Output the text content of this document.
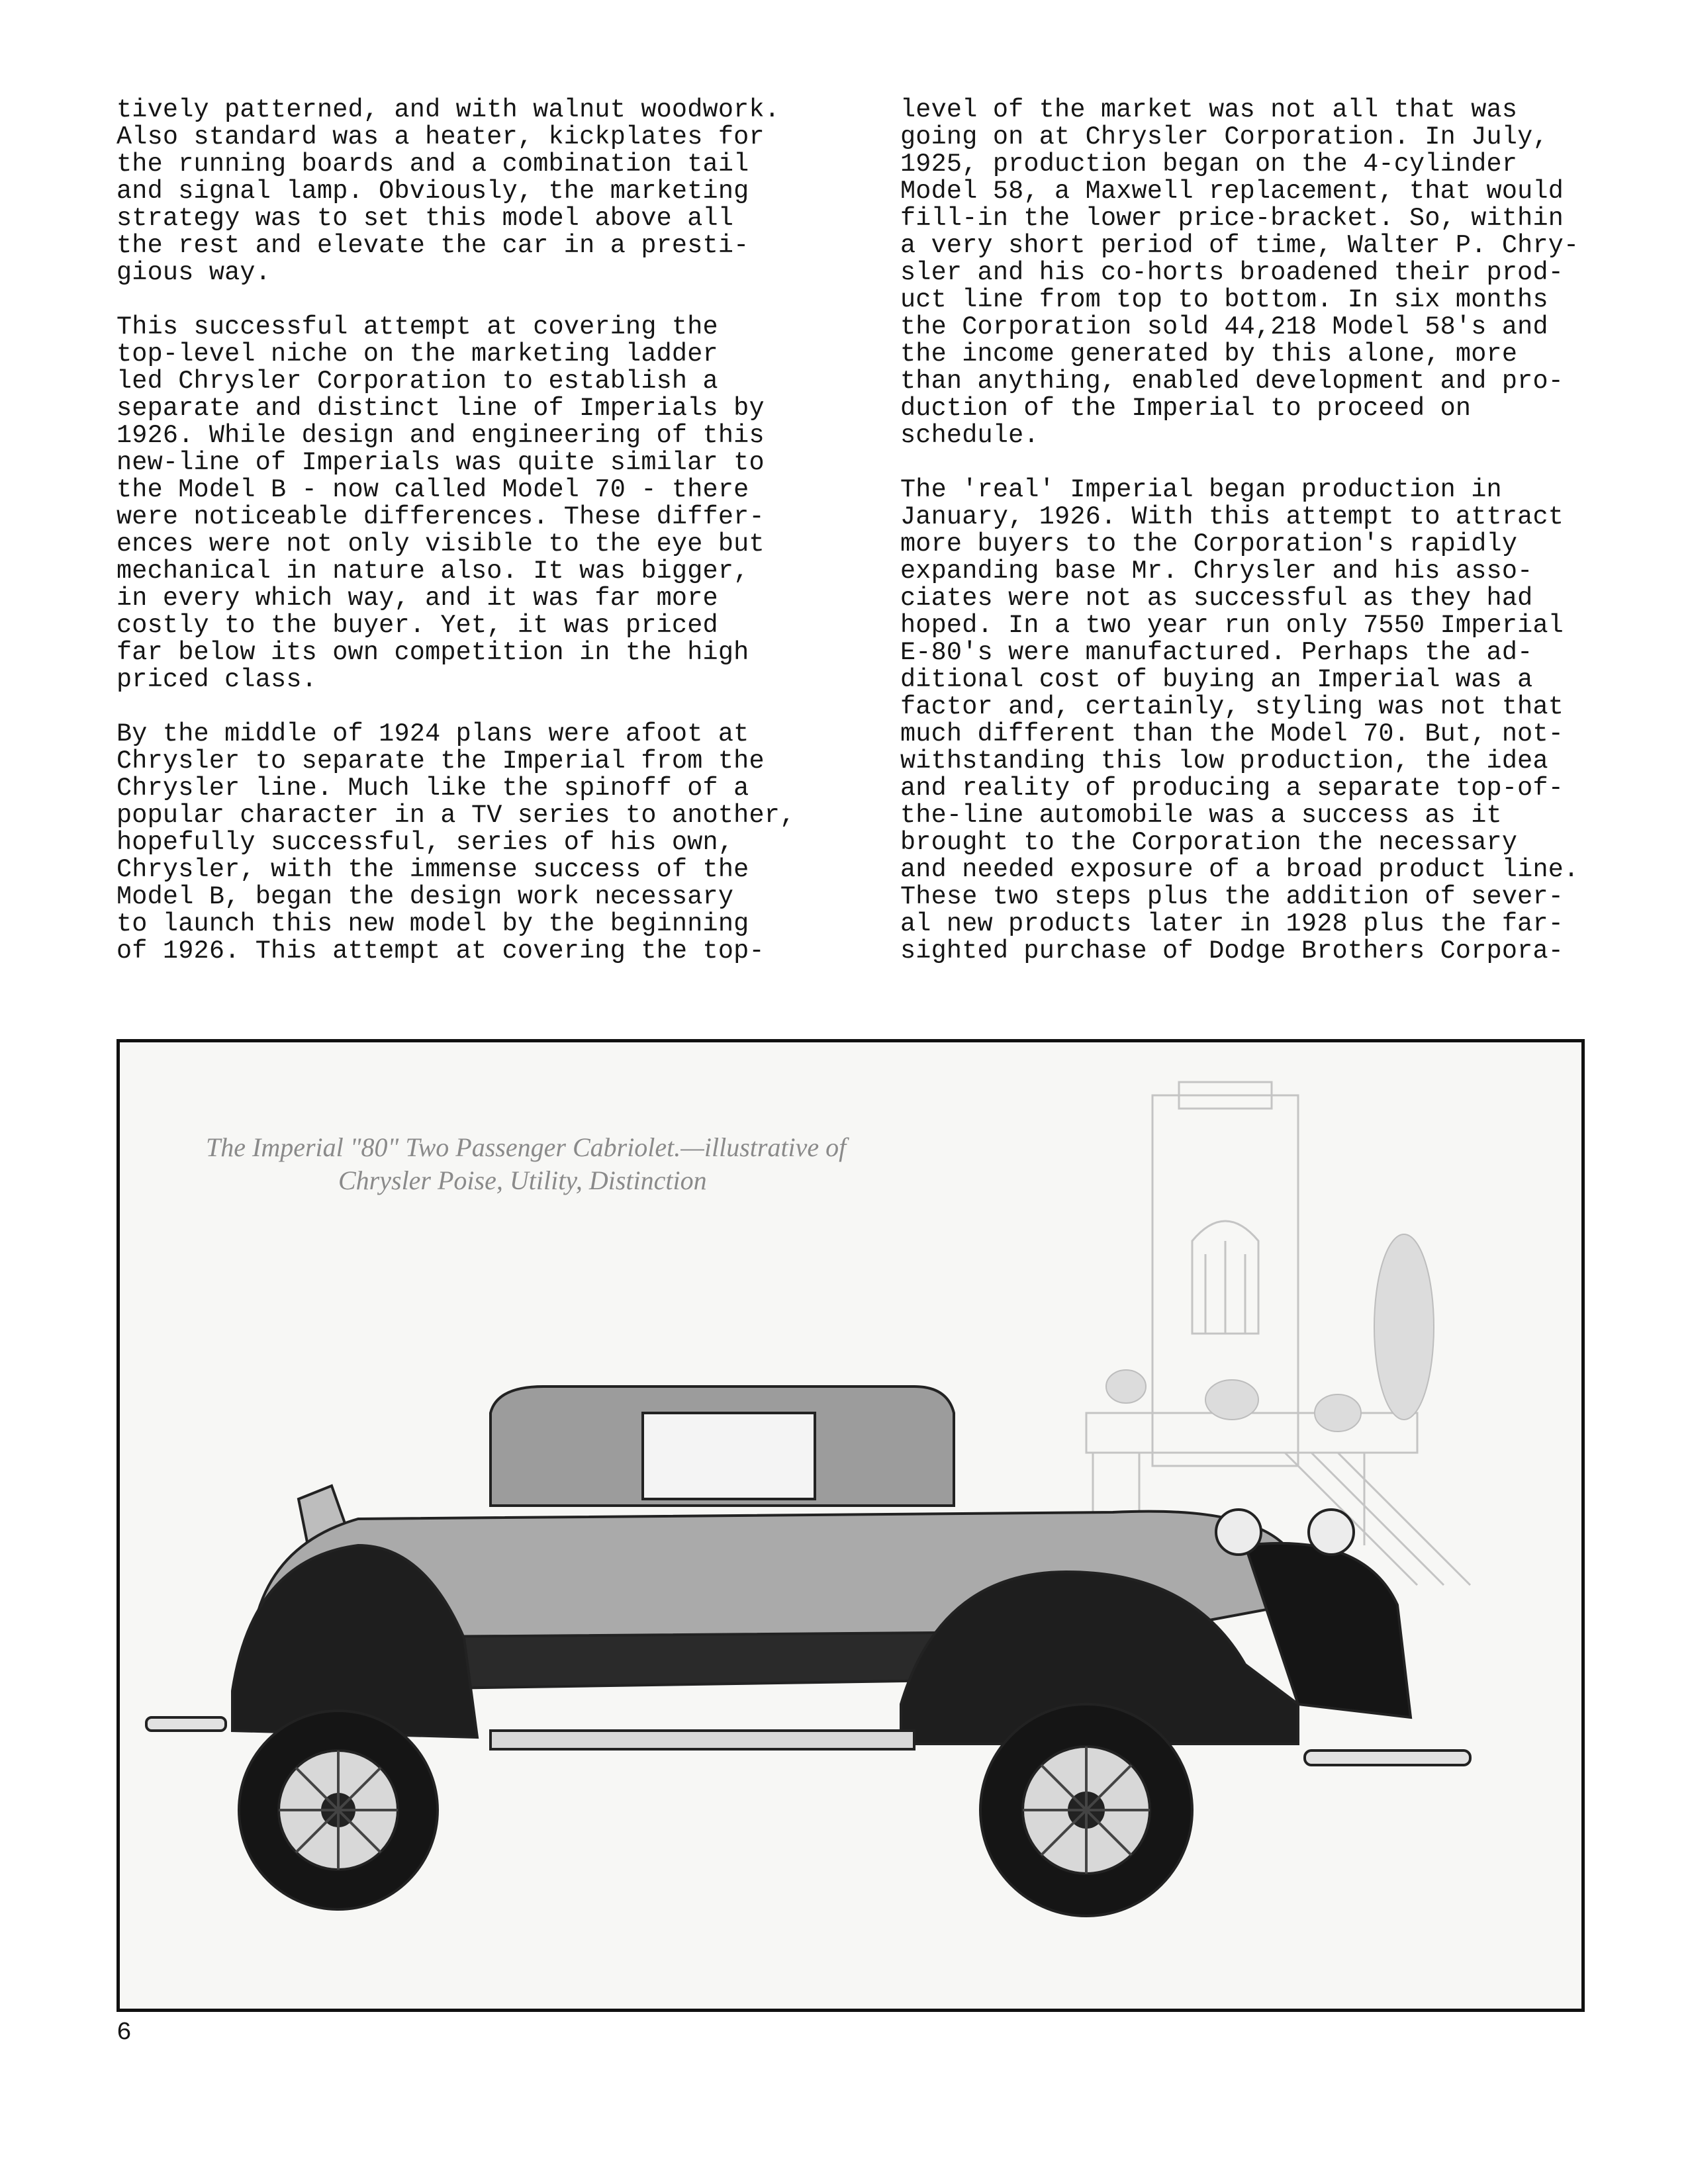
tively patterned, and with walnut woodwork.
Also standard was a heater, kickplates for
the running boards and a combination tail
and signal lamp. Obviously, the marketing
strategy was to set this model above all
the rest and elevate the car in a presti-
gious way.

This successful attempt at covering the
top-level niche on the marketing ladder
led Chrysler Corporation to establish a
separate and distinct line of Imperials by
1926. While design and engineering of this
new-line of Imperials was quite similar to
the Model B - now called Model 70 - there
were noticeable differences. These differ-
ences were not only visible to the eye but
mechanical in nature also. It was bigger,
in every which way, and it was far more
costly to the buyer. Yet, it was priced
far below its own competition in the high
priced class.

By the middle of 1924 plans were afoot at
Chrysler to separate the Imperial from the
Chrysler line. Much like the spinoff of a
popular character in a TV series to another,
hopefully successful, series of his own,
Chrysler, with the immense success of the
Model B, began the design work necessary
to launch this new model by the beginning
of 1926. This attempt at covering the top-

level of the market was not all that was
going on at Chrysler Corporation. In July,
1925, production began on the 4-cylinder
Model 58, a Maxwell replacement, that would
fill-in the lower price-bracket. So, within
a very short period of time, Walter P. Chry-
sler and his co-horts broadened their prod-
uct line from top to bottom. In six months
the Corporation sold 44,218 Model 58's and
the income generated by this alone, more
than anything, enabled development and pro-
duction of the Imperial to proceed on
schedule.

The 'real' Imperial began production in
January, 1926. With this attempt to attract
more buyers to the Corporation's rapidly
expanding base Mr. Chrysler and his asso-
ciates were not as successful as they had
hoped. In a two year run only 7550 Imperial
E-80's were manufactured. Perhaps the ad-
ditional cost of buying an Imperial was a
factor and, certainly, styling was not that
much different than the Model 70. But, not-
withstanding this low production, the idea
and reality of producing a separate top-of-
the-line automobile was a success as it
brought to the Corporation the necessary
and needed exposure of a broad product line.
These two steps plus the addition of sever-
al new products later in 1928 plus the far-
sighted purchase of Dodge Brothers Corpora-

The Imperial "80" Two Passenger Cabriolet.—illustrative of
Chrysler Poise, Utility, Distinction
6
